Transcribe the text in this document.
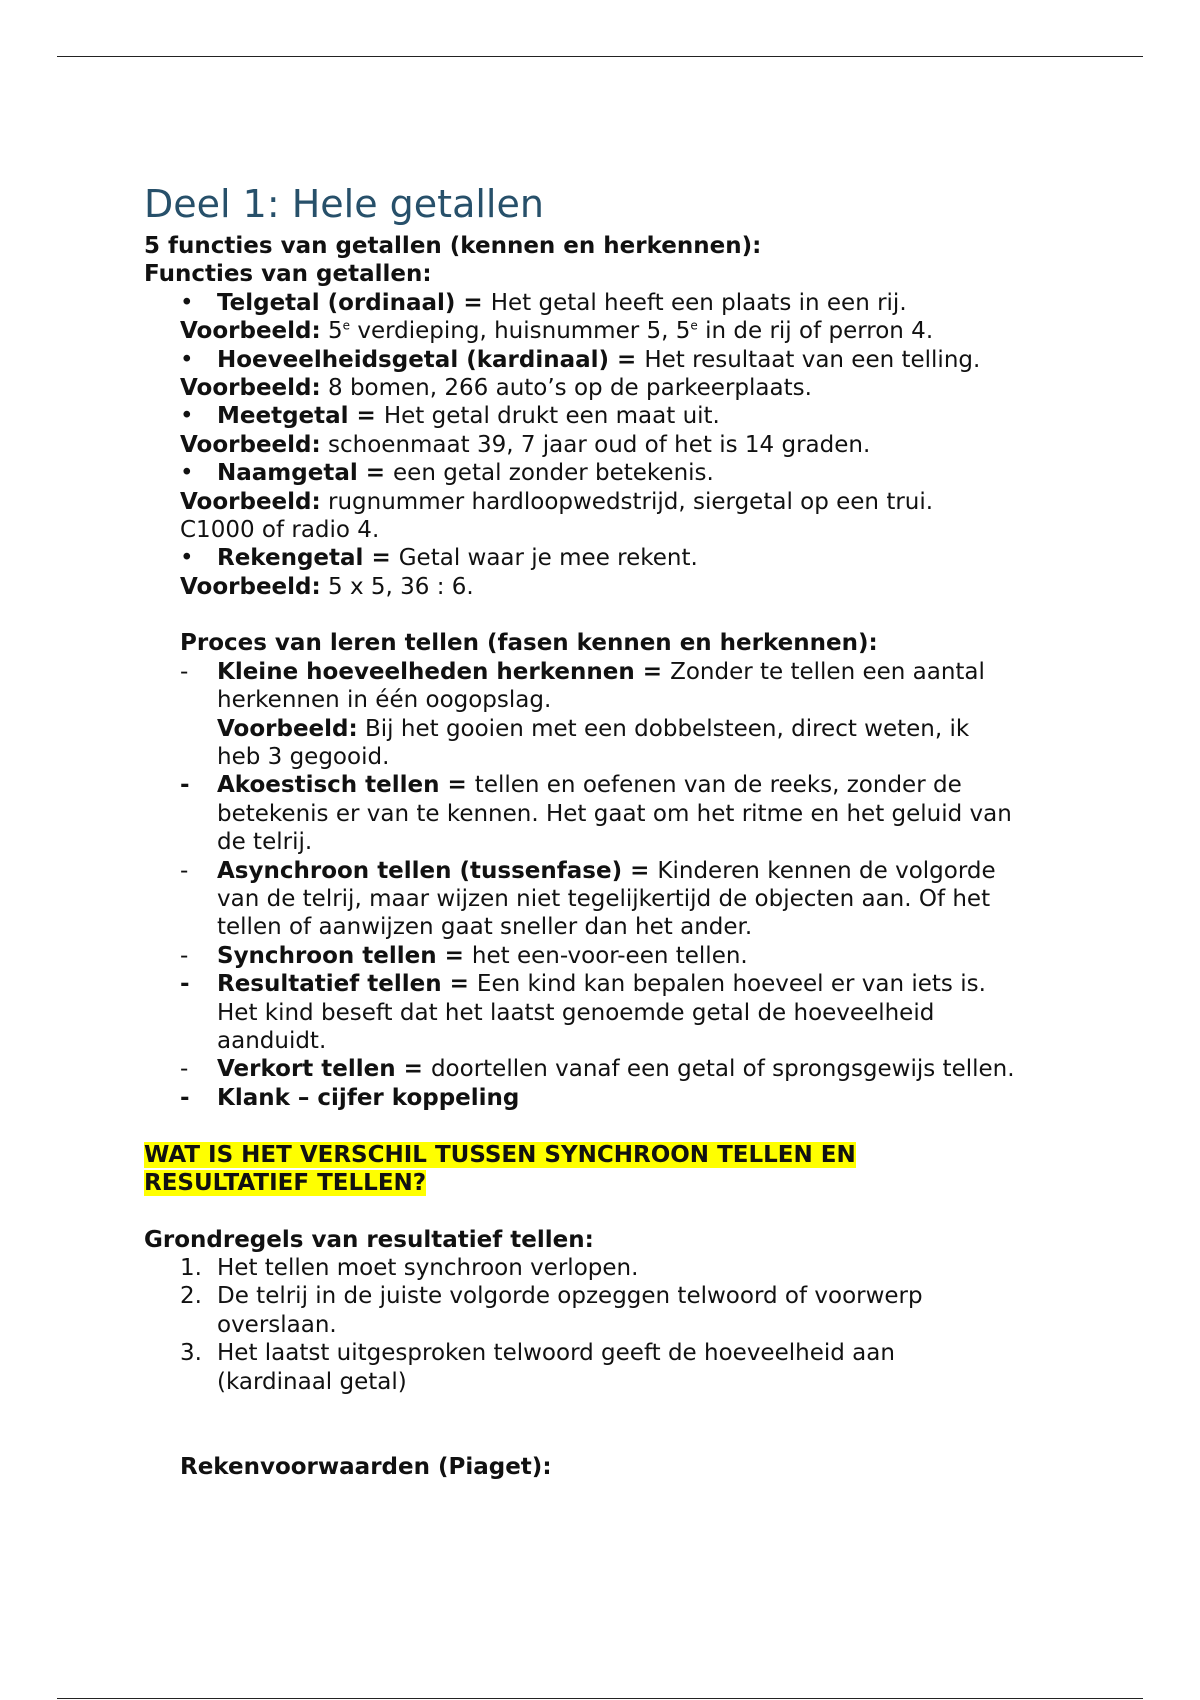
Deel 1: Hele getallen
5 functies van getallen (kennen en herkennen):
Functies van getallen:
•	Telgetal (ordinaal) = Het getal heeft een plaats in een rij.
Voorbeeld: 5e verdieping, huisnummer 5, 5e in de rij of perron 4.
•	Hoeveelheidsgetal (kardinaal) = Het resultaat van een telling.
Voorbeeld: 8 bomen, 266 auto’s op de parkeerplaats.
•	Meetgetal = Het getal drukt een maat uit.
Voorbeeld: schoenmaat 39, 7 jaar oud of het is 14 graden.
•	Naamgetal = een getal zonder betekenis.
Voorbeeld: rugnummer hardloopwedstrijd, siergetal op een trui.
C1000 of radio 4.
•	Rekengetal = Getal waar je mee rekent.
Voorbeeld: 5 x 5, 36 : 6.
Proces van leren tellen (fasen kennen en herkennen):
-	Kleine hoeveelheden herkennen = Zonder te tellen een aantal
herkennen in één oogopslag.
Voorbeeld: Bij het gooien met een dobbelsteen, direct weten, ik
heb 3 gegooid.
-	Akoestisch tellen = tellen en oefenen van de reeks, zonder de
betekenis er van te kennen. Het gaat om het ritme en het geluid van
de telrij.
-	Asynchroon tellen (tussenfase) = Kinderen kennen de volgorde
van de telrij, maar wijzen niet tegelijkertijd de objecten aan. Of het
tellen of aanwijzen gaat sneller dan het ander.
-	Synchroon tellen = het een-voor-een tellen.
-	Resultatief tellen = Een kind kan bepalen hoeveel er van iets is.
Het kind beseft dat het laatst genoemde getal de hoeveelheid
aanduidt.
-	Verkort tellen = doortellen vanaf een getal of sprongsgewijs tellen.
-	Klank – cijfer koppeling
WAT IS HET VERSCHIL TUSSEN SYNCHROON TELLEN EN
RESULTATIEF TELLEN?
Grondregels van resultatief tellen:
1. Het tellen moet synchroon verlopen.
2. De telrij in de juiste volgorde opzeggen telwoord of voorwerp
overslaan.
3. Het laatst uitgesproken telwoord geeft de hoeveelheid aan
(kardinaal getal)
Rekenvoorwaarden (Piaget):
